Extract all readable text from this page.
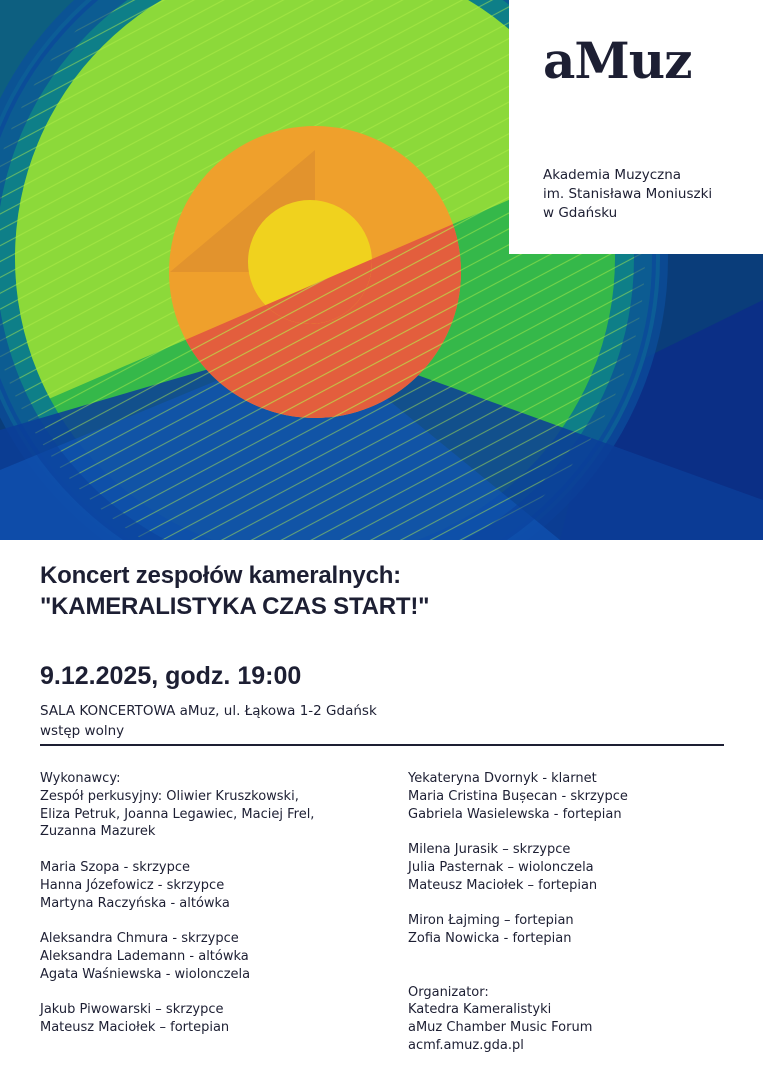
aMuz
Akademia Muzyczna
im. Stanisława Moniuszki
w Gdańsku
Koncert zespołów kameralnych:
"KAMERALISTYKA CZAS START!"
9.12.2025, godz. 19:00
SALA KONCERTOWA aMuz, ul. Łąkowa 1-2 Gdańsk
wstęp wolny
Wykonawcy:
Zespół perkusyjny: Oliwier Kruszkowski,
Eliza Petruk, Joanna Legawiec, Maciej Frel,
Zuzanna Mazurek
Maria Szopa - skrzypce
Hanna Józefowicz - skrzypce
Martyna Raczyńska - altówka
Aleksandra Chmura - skrzypce
Aleksandra Lademann - altówka
Agata Waśniewska - wiolonczela
Jakub Piwowarski – skrzypce
Mateusz Maciołek – fortepian
Yekateryna Dvornyk - klarnet
Maria Cristina Bușecan - skrzypce
Gabriela Wasielewska - fortepian
Milena Jurasik – skrzypce
Julia Pasternak – wiolonczela
Mateusz Maciołek – fortepian
Miron Łajming – fortepian
Zofia Nowicka - fortepian
Organizator:
Katedra Kameralistyki
aMuz Chamber Music Forum
acmf.amuz.gda.pl
